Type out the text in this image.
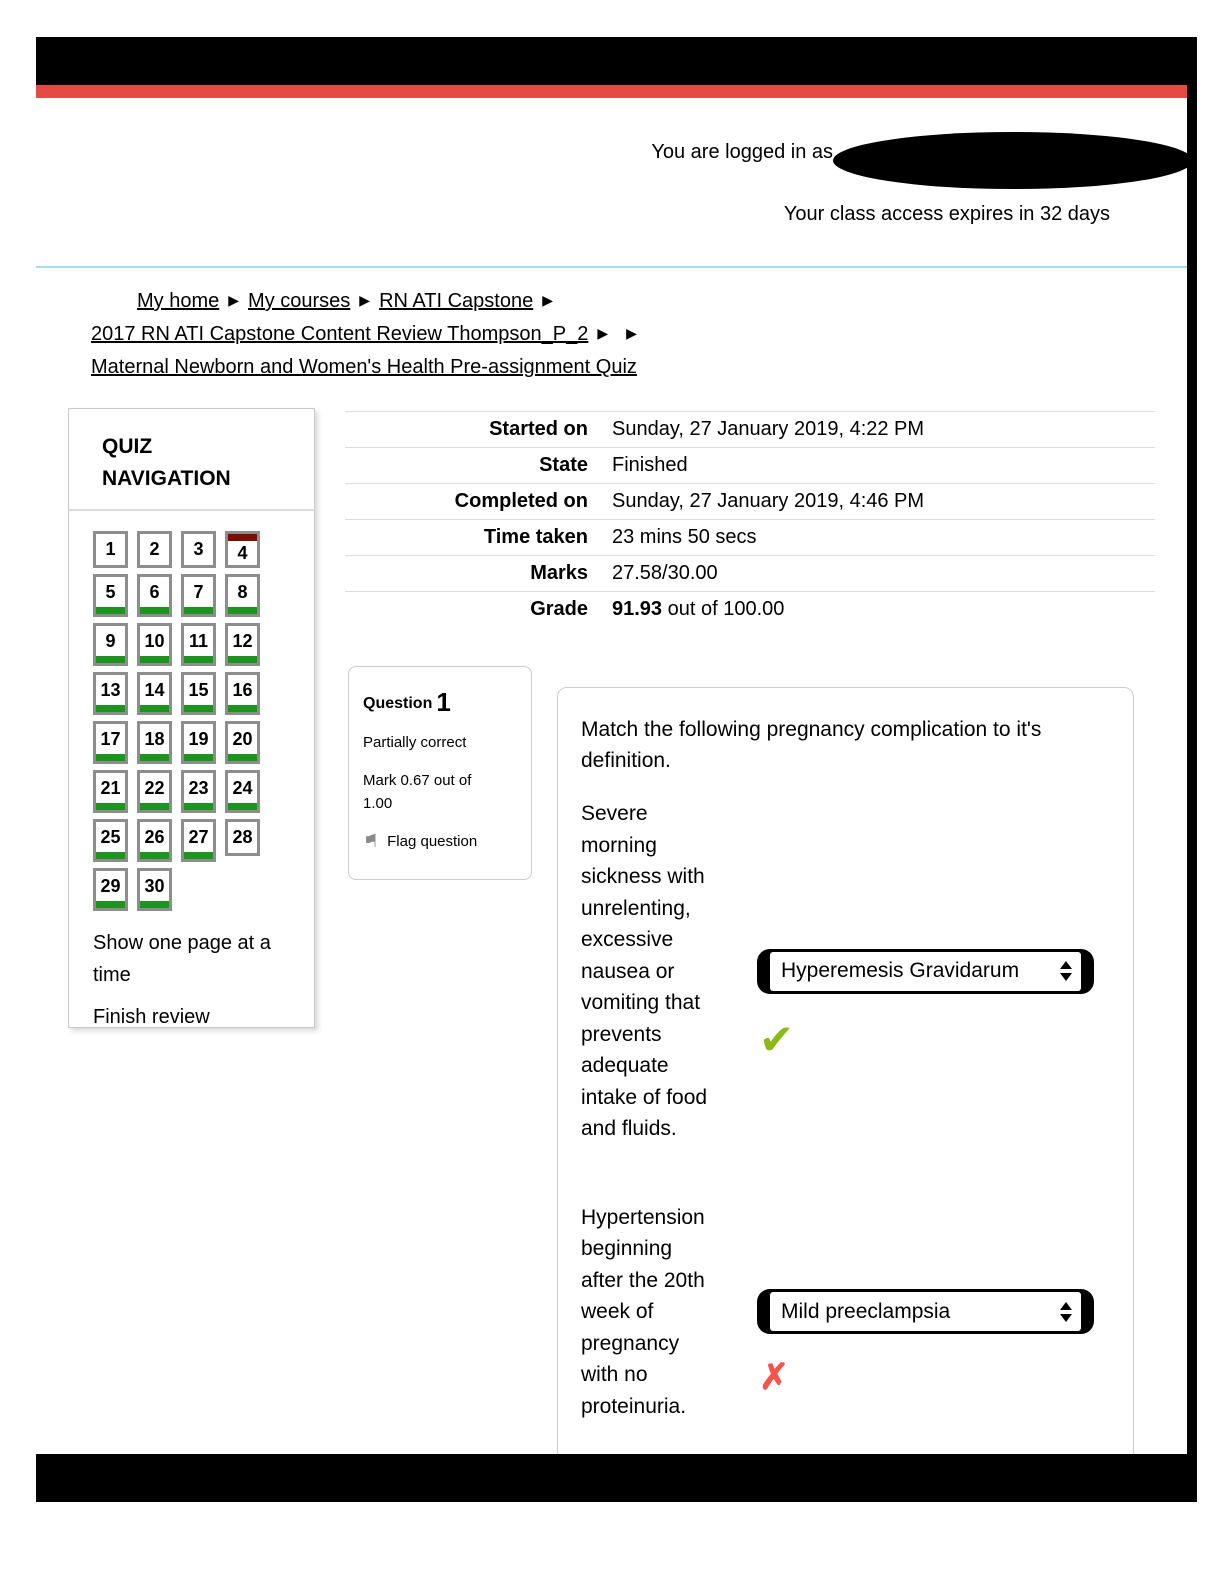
You are logged in as
Your class access expires in 32 days
My home ▶ My courses ▶ RN ATI Capstone ▶
2017 RN ATI Capstone Content Review Thompson_P_2 ▶ ▶
Maternal Newborn and Women's Health Pre-assignment Quiz
QUIZ NAVIGATION
1	2	3	4
5	6	7	8
9	10	11	12
13	14	15	16
17	18	19	20
21	22	23	24
25	26	27	28
29	30
Show one page at a time
Finish review
Started on	Sunday, 27 January 2019, 4:22 PM
State	Finished
Completed on	Sunday, 27 January 2019, 4:46 PM
Time taken	23 mins 50 secs
Marks	27.58/30.00
Grade	91.93 out of 100.00
Question 1
Partially correct
Mark 0.67 out of 1.00
⚑ Flag question

Match the following pregnancy complication to it's definition.

Severe morning sickness with unrelenting, excessive nausea or vomiting that prevents adequate intake of food and fluids.
Hyperemesis Gravidarum
✔
Hypertension beginning after the 20th week of pregnancy with no proteinuria.
Mild preeclampsia
✗
